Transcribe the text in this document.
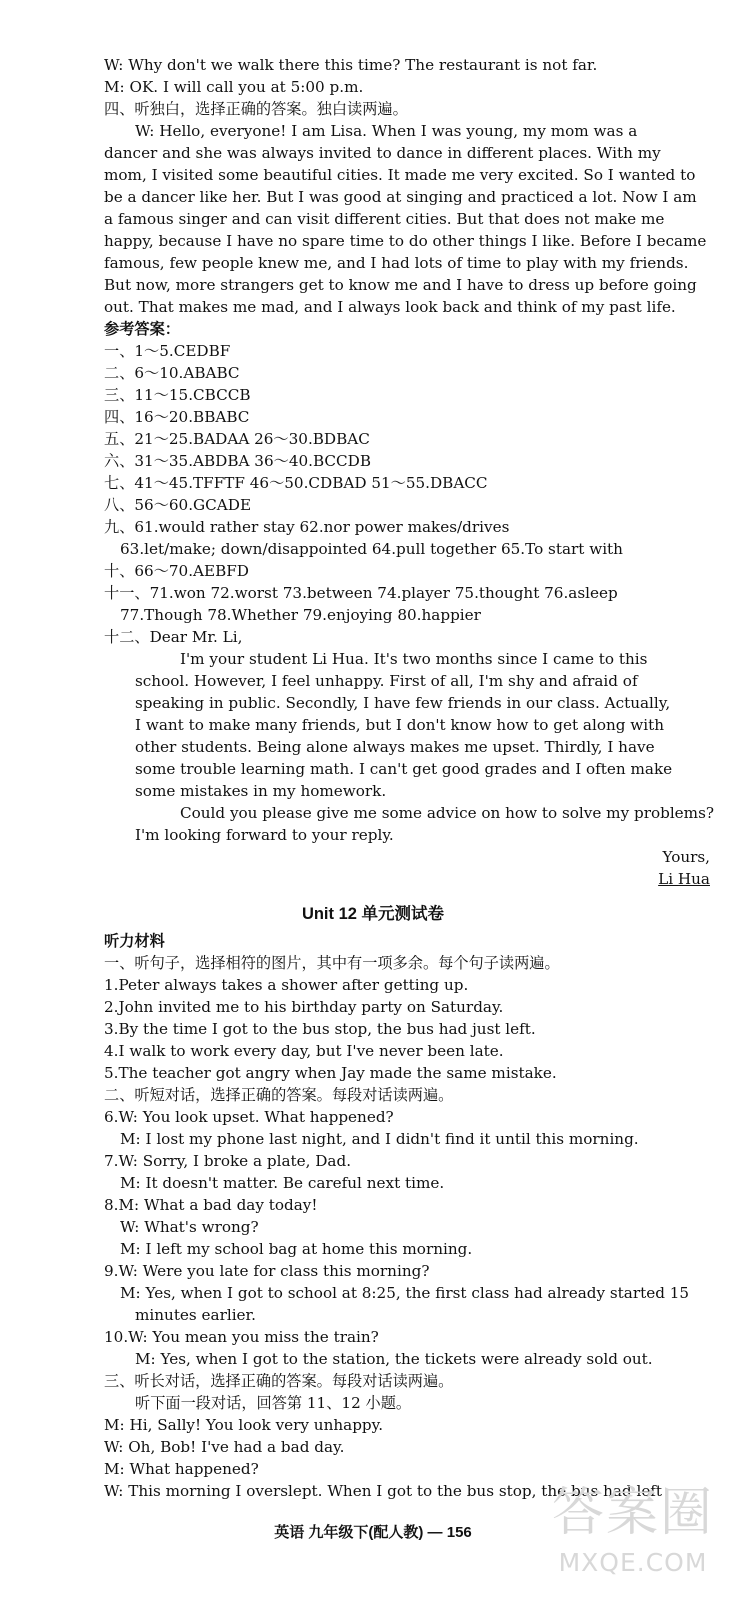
W: Why don't we walk there this time? The restaurant is not far.
M: OK. I will call you at 5:00 p.m.
四、听独白，选择正确的答案。独白读两遍。
W: Hello, everyone! I am Lisa. When I was young, my mom was a
dancer and she was always invited to dance in different places. With my
mom, I visited some beautiful cities. It made me very excited. So I wanted to
be a dancer like her. But I was good at singing and practiced a lot. Now I am
a famous singer and can visit different cities. But that does not make me
happy, because I have no spare time to do other things I like. Before I became
famous, few people knew me, and I had lots of time to play with my friends.
But now, more strangers get to know me and I have to dress up before going
out. That makes me mad, and I always look back and think of my past life.
参考答案：
一、1～5.CEDBF
二、6～10.ABABC
三、11～15.CBCCB
四、16～20.BBABC
五、21～25.BADAA 26～30.BDBAC
六、31～35.ABDBA 36～40.BCCDB
七、41～45.TFFTF 46～50.CDBAD 51～55.DBACC
八、56～60.GCADE
九、61.would rather stay 62.nor power makes/drives
63.let/make; down/disappointed 64.pull together 65.To start with
十、66～70.AEBFD
十一、71.won 72.worst 73.between 74.player 75.thought 76.asleep
77.Though 78.Whether 79.enjoying 80.happier
十二、Dear Mr. Li,
I'm your student Li Hua. It's two months since I came to this
school. However, I feel unhappy. First of all, I'm shy and afraid of
speaking in public. Secondly, I have few friends in our class. Actually,
I want to make many friends, but I don't know how to get along with
other students. Being alone always makes me upset. Thirdly, I have
some trouble learning math. I can't get good grades and I often make
some mistakes in my homework.
Could you please give me some advice on how to solve my problems?
I'm looking forward to your reply.
Yours,
Li Hua
Unit 12 单元测试卷
听力材料
一、听句子，选择相符的图片，其中有一项多余。每个句子读两遍。
1.Peter always takes a shower after getting up.
2.John invited me to his birthday party on Saturday.
3.By the time I got to the bus stop, the bus had just left.
4.I walk to work every day, but I've never been late.
5.The teacher got angry when Jay made the same mistake.
二、听短对话，选择正确的答案。每段对话读两遍。
6.W: You look upset. What happened?
M: I lost my phone last night, and I didn't find it until this morning.
7.W: Sorry, I broke a plate, Dad.
M: It doesn't matter. Be careful next time.
8.M: What a bad day today!
W: What's wrong?
M: I left my school bag at home this morning.
9.W: Were you late for class this morning?
M: Yes, when I got to school at 8:25, the first class had already started 15
minutes earlier.
10.W: You mean you miss the train?
M: Yes, when I got to the station, the tickets were already sold out.
三、听长对话，选择正确的答案。每段对话读两遍。
听下面一段对话，回答第 11、12 小题。
M: Hi, Sally! You look very unhappy.
W: Oh, Bob! I've had a bad day.
M: What happened?
W: This morning I overslept. When I got to the bus stop, the bus had left
英语 九年级下(配人教) — 156	答案圈
MXQE.COM
